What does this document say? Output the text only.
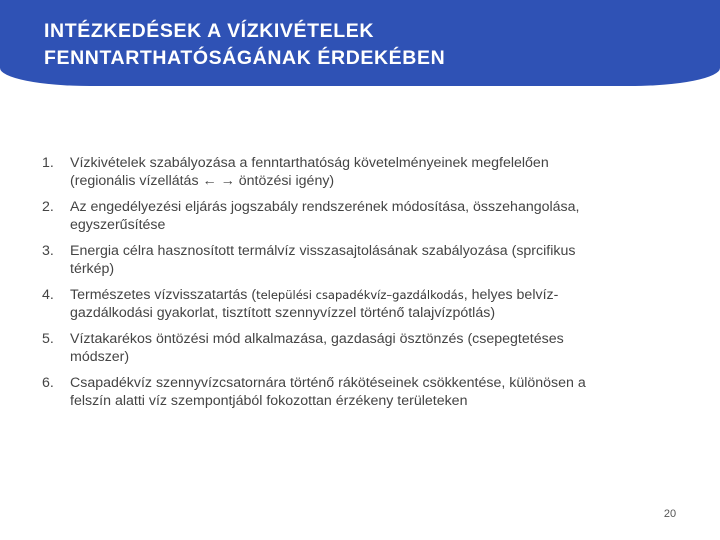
INTÉZKEDÉSEK A VÍZKIVÉTELEK
FENNTARTHATÓSÁGÁNAK ÉRDEKÉBEN
1. Vízkivételek szabályozása a fenntarthatóság követelményeinek megfelelően
(regionális vízellátás ← → öntözési igény)
2. Az engedélyezési eljárás jogszabály rendszerének módosítása, összehangolása,
egyszerűsítése
3. Energia célra hasznosított termálvíz visszasajtolásának szabályozása (sprcifikus
térkép)
4. Természetes vízvisszatartás (települési csapadékvíz–gazdálkodás, helyes belvíz-
gazdálkodási gyakorlat, tisztított szennyvízzel történő talajvízpótlás)
5. Víztakarékos öntözési mód alkalmazása, gazdasági ösztönzés (csepegtetéses
módszer)
6. Csapadékvíz szennyvízcsatornára történő rákötéseinek csökkentése, különösen a
felszín alatti víz szempontjából fokozottan érzékeny területeken
20
